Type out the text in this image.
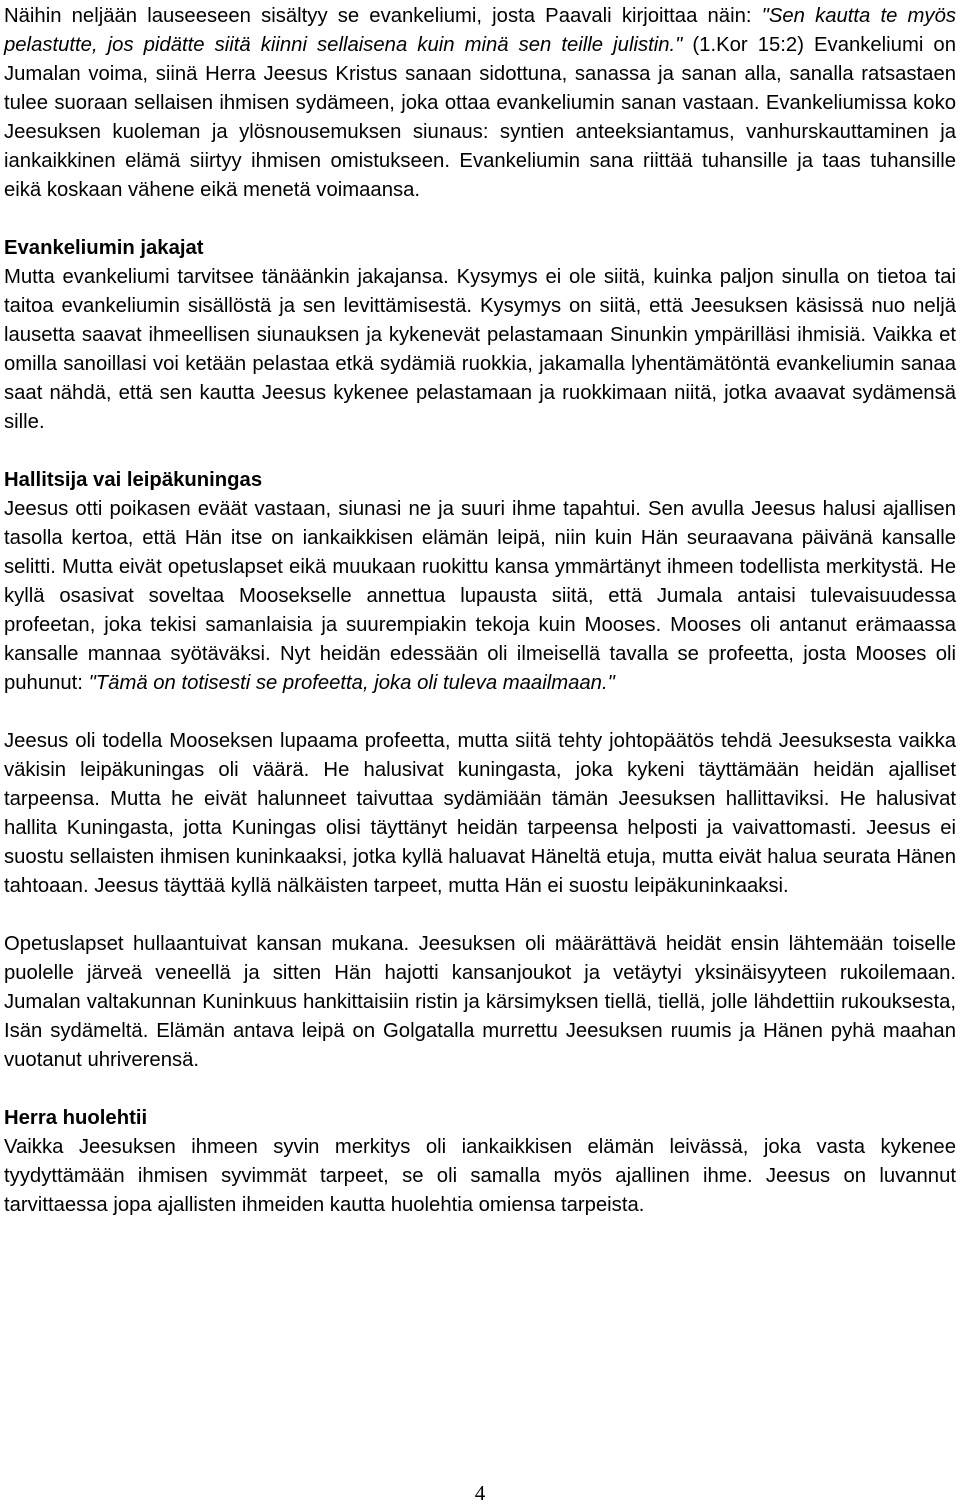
Näihin neljään lauseeseen sisältyy se evankeliumi, josta Paavali kirjoittaa näin: "Sen kautta te myös pelastutte, jos pidätte siitä kiinni sellaisena kuin minä sen teille julistin." (1.Kor 15:2) Evankeliumi on Jumalan voima, siinä Herra Jeesus Kristus sanaan sidottuna, sanassa ja sanan alla, sanalla ratsastaen tulee suoraan sellaisen ihmisen sydämeen, joka ottaa evankeliumin sanan vastaan. Evankeliumissa koko Jeesuksen kuoleman ja ylösnousemuksen siunaus: syntien anteeksiantamus, vanhurskauttaminen ja iankaikkinen elämä siirtyy ihmisen omistukseen. Evankeliumin sana riittää tuhansille ja taas tuhansille eikä koskaan vähene eikä menetä voimaansa.

Evankeliumin jakajat

Mutta evankeliumi tarvitsee tänäänkin jakajansa. Kysymys ei ole siitä, kuinka paljon sinulla on tietoa tai taitoa evankeliumin sisällöstä ja sen levittämisestä. Kysymys on siitä, että Jeesuksen käsissä nuo neljä lausetta saavat ihmeellisen siunauksen ja kykenevät pelastamaan Sinunkin ympärilläsi ihmisiä. Vaikka et omilla sanoillasi voi ketään pelastaa etkä sydämiä ruokkia, jakamalla lyhentämätöntä evankeliumin sanaa saat nähdä, että sen kautta Jeesus kykenee pelastamaan ja ruokkimaan niitä, jotka avaavat sydämensä sille.

Hallitsija vai leipäkuningas

Jeesus otti poikasen eväät vastaan, siunasi ne ja suuri ihme tapahtui. Sen avulla Jeesus halusi ajallisen tasolla kertoa, että Hän itse on iankaikkisen elämän leipä, niin kuin Hän seuraavana päivänä kansalle selitti. Mutta eivät opetuslapset eikä muukaan ruokittu kansa ymmärtänyt ihmeen todellista merkitystä. He kyllä osasivat soveltaa Moosekselle annettua lupausta siitä, että Jumala antaisi tulevaisuudessa profeetan, joka tekisi samanlaisia ja suurempiakin tekoja kuin Mooses. Mooses oli antanut erämaassa kansalle mannaa syötäväksi. Nyt heidän edessään oli ilmeisellä tavalla se profeetta, josta Mooses oli puhunut: "Tämä on totisesti se profeetta, joka oli tuleva maailmaan."

Jeesus oli todella Mooseksen lupaama profeetta, mutta siitä tehty johtopäätös tehdä Jeesuksesta vaikka väkisin leipäkuningas oli väärä. He halusivat kuningasta, joka kykeni täyttämään heidän ajalliset tarpeensa. Mutta he eivät halunneet taivuttaa sydämiään tämän Jeesuksen hallittaviksi. He halusivat hallita Kuningasta, jotta Kuningas olisi täyttänyt heidän tarpeensa helposti ja vaivattomasti. Jeesus ei suostu sellaisten ihmisen kuninkaaksi, jotka kyllä haluavat Häneltä etuja, mutta eivät halua seurata Hänen tahtoaan. Jeesus täyttää kyllä nälkäisten tarpeet, mutta Hän ei suostu leipäkuninkaaksi.

Opetuslapset hullaantuivat kansan mukana. Jeesuksen oli määrättävä heidät ensin lähtemään toiselle puolelle järveä veneellä ja sitten Hän hajotti kansanjoukot ja vetäytyi yksinäisyyteen rukoilemaan. Jumalan valtakunnan Kuninkuus hankittaisiin ristin ja kärsimyksen tiellä, tiellä, jolle lähdettiin rukouksesta, Isän sydämeltä. Elämän antava leipä on Golgatalla murrettu Jeesuksen ruumis ja Hänen pyhä maahan vuotanut uhriverensä.

Herra huolehtii

Vaikka Jeesuksen ihmeen syvin merkitys oli iankaikkisen elämän leivässä, joka vasta kykenee tyydyttämään ihmisen syvimmät tarpeet, se oli samalla myös ajallinen ihme. Jeesus on luvannut tarvittaessa jopa ajallisten ihmeiden kautta huolehtia omiensa tarpeista.

4
